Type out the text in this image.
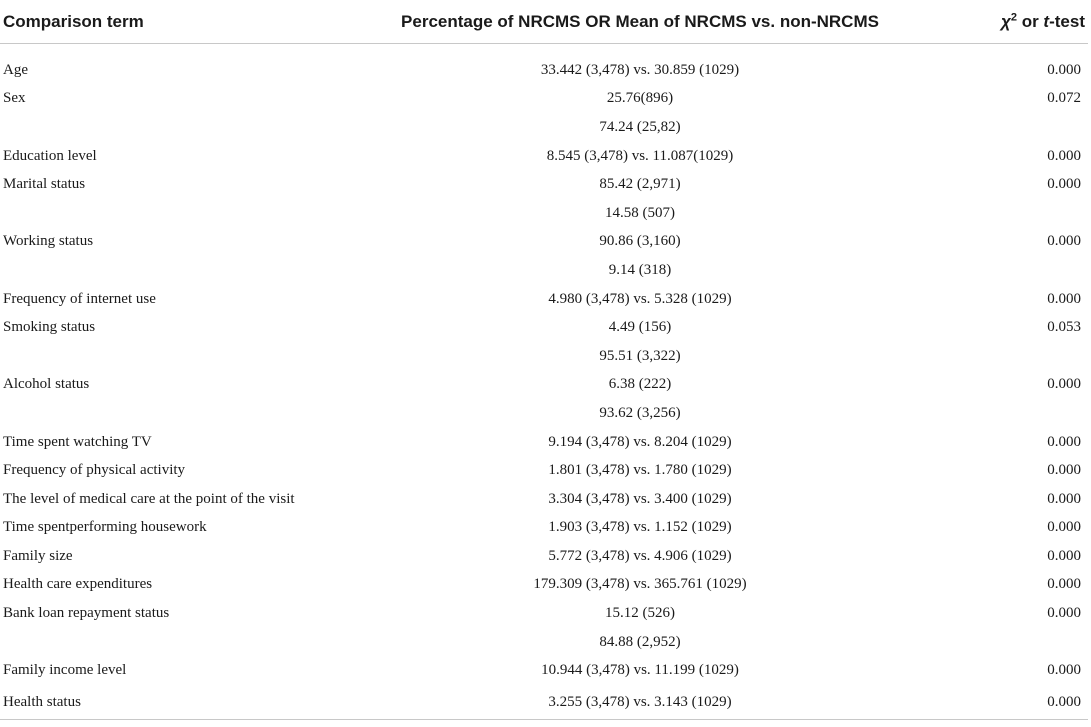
Comparison term	Percentage of NRCMS OR Mean of NRCMS vs. non-NRCMS	$\chi^2$ or t-test

Age	33.442 (3,478) vs. 30.859 (1029)	0.000
Sex	25.76(896)	0.072
	74.24 (25,82)	
Education level	8.545 (3,478) vs. 11.087(1029)	0.000
Marital status	85.42 (2,971)	0.000
	14.58 (507)	
Working status	90.86 (3,160)	0.000
	9.14 (318)	
Frequency of internet use	4.980 (3,478) vs. 5.328 (1029)	0.000
Smoking status	4.49 (156)	0.053
	95.51 (3,322)	
Alcohol status	6.38 (222)	0.000
	93.62 (3,256)	
Time spent watching TV	9.194 (3,478) vs. 8.204 (1029)	0.000
Frequency of physical activity	1.801 (3,478) vs. 1.780 (1029)	0.000
The level of medical care at the point of the visit	3.304 (3,478) vs. 3.400 (1029)	0.000
Time spentperforming housework	1.903 (3,478) vs. 1.152 (1029)	0.000
Family size	5.772 (3,478) vs. 4.906 (1029)	0.000
Health care expenditures	179.309 (3,478) vs. 365.761 (1029)	0.000
Bank loan repayment status	15.12 (526)	0.000
	84.88 (2,952)	
Family income level	10.944 (3,478) vs. 11.199 (1029)	0.000
Health status	3.255 (3,478) vs. 3.143 (1029)	0.000
